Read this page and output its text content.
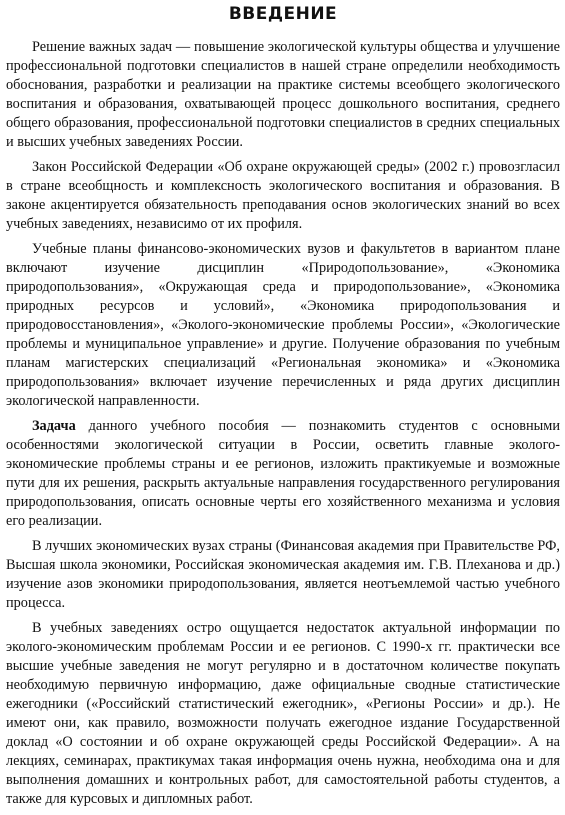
ВВЕДЕНИЕ

Решение важных задач — повышение экологической культуры общества и улучшение профессиональной подготовки специалистов в нашей стране определили необходимость обоснования, разработки и реализации на практике системы всеобщего экологического воспитания и образования, охватывающей процесс дошкольного воспитания, среднего общего образования, профессиональной подготовки специалистов в средних специальных и высших учебных заведениях России.

Закон Российской Федерации «Об охране окружающей среды» (2002 г.) провозгласил в стране всеобщность и комплексность экологического воспитания и образования. В законе акцентируется обязательность преподавания основ экологических знаний во всех учебных заведениях, независимо от их профиля.

Учебные планы финансово-экономических вузов и факультетов в вариантом плане включают изучение дисциплин «Природопользование», «Экономика природопользования», «Окружающая среда и природопользование», «Экономика природных ресурсов и условий», «Экономика природопользования и природовосстановления», «Эколого-экономические проблемы России», «Экологические проблемы и муниципальное управление» и другие. Получение образования по учебным планам магистерских специализаций «Региональная экономика» и «Экономика природопользования» включает изучение перечисленных и ряда других дисциплин экологической направленности.

Задача данного учебного пособия — познакомить студентов с основными особенностями экологической ситуации в России, осветить главные эколого-экономические проблемы страны и ее регионов, изложить практикуемые и возможные пути для их решения, раскрыть актуальные направления государственного регулирования природопользования, описать основные черты его хозяйственного механизма и условия его реализации.

В лучших экономических вузах страны (Финансовая академия при Правительстве РФ, Высшая школа экономики, Российская экономическая академия им. Г.В. Плеханова и др.) изучение азов экономики природопользования, является неотъемлемой частью учебного процесса.

В учебных заведениях остро ощущается недостаток актуальной информации по эколого-экономическим проблемам России и ее регионов. С 1990-х гг. практически все высшие учебные заведения не могут регулярно и в достаточном количестве покупать необходимую первичную информацию, даже официальные сводные статистические ежегодники («Российский статистический ежегодник», «Регионы России» и др.). Не имеют они, как правило, возможности получать ежегодное издание Государственной доклад «О состоянии и об охране окружающей среды Российской Федерации». А на лекциях, семинарах, практикумах такая информация очень нужна, необходима она и для выполнения домашних и контрольных работ, для самостоятельной работы студентов, а также для курсовых и дипломных работ.
